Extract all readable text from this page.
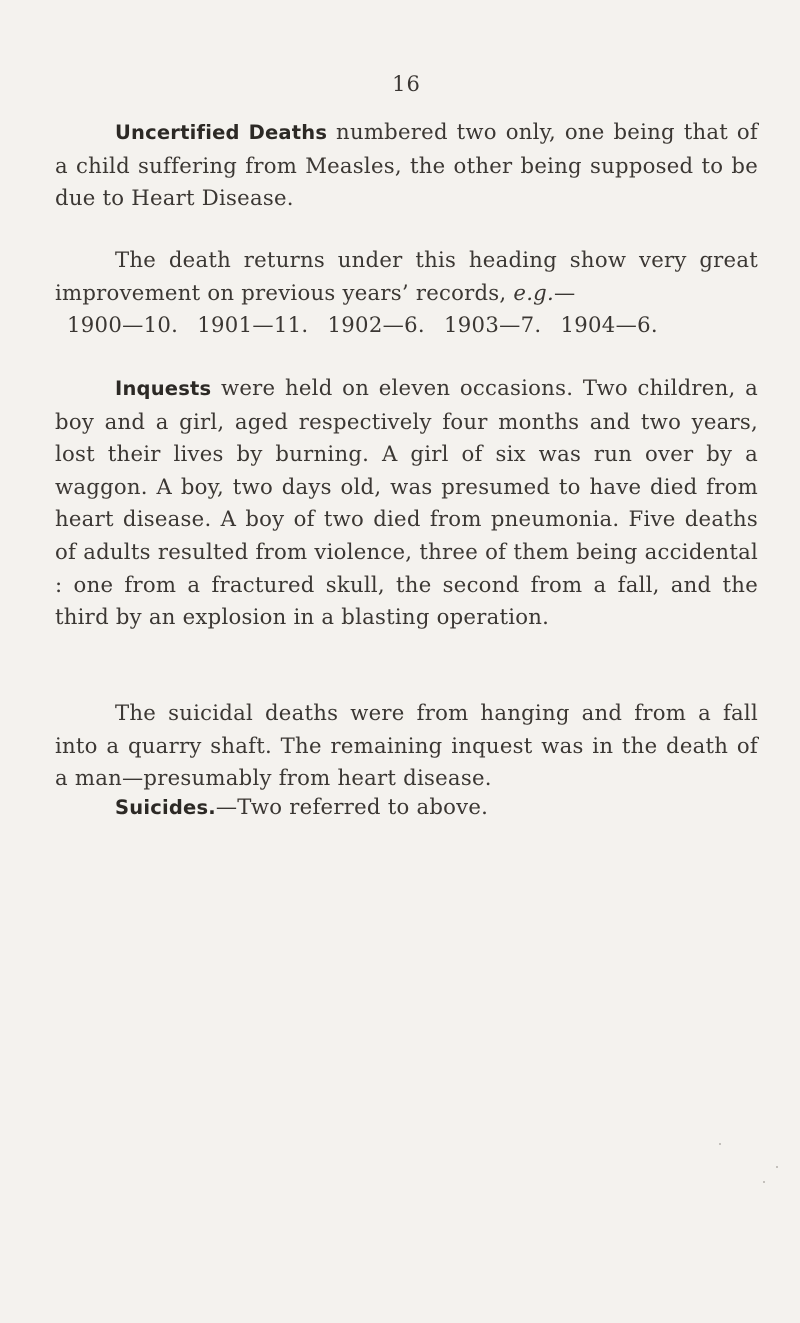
16

Uncertified Deaths numbered two only, one being that of a child suffering from Measles, the other being supposed to be due to Heart Disease.

The death returns under this heading show very great improvement on previous years’ records, e.g.—

1900—10. 1901—11. 1902—6. 1903—7. 1904—6.

Inquests were held on eleven occasions. Two children, a boy and a girl, aged respectively four months and two years, lost their lives by burning. A girl of six was run over by a waggon. A boy, two days old, was presumed to have died from heart disease. A boy of two died from pneumonia. Five deaths of adults resulted from violence, three of them being accidental : one from a fractured skull, the second from a fall, and the third by an explosion in a blasting operation.

The suicidal deaths were from hanging and from a fall into a quarry shaft. The remaining inquest was in the death of a man—presumably from heart disease.

Suicides.—Two referred to above.
